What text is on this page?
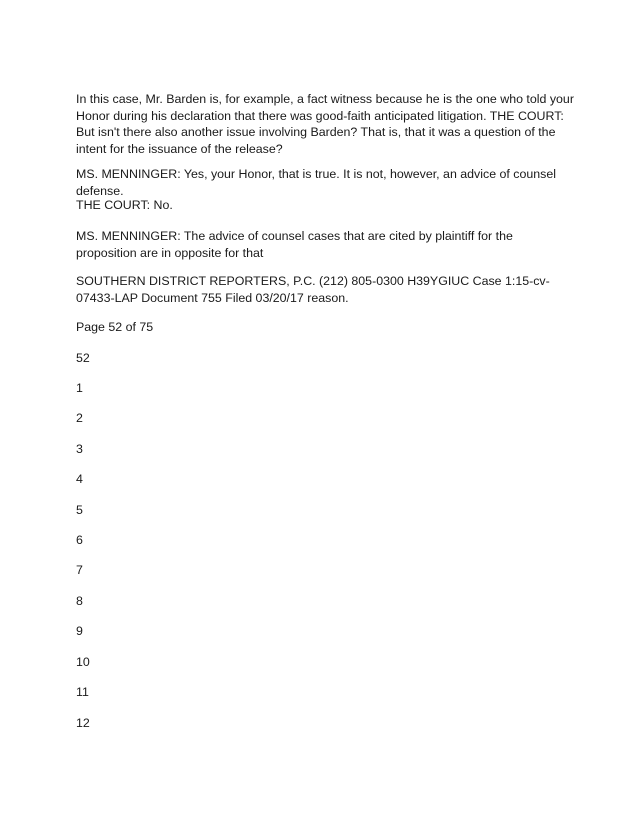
In this case, Mr. Barden is, for example, a fact witness because he is the one who told your Honor during his declaration that there was good-faith anticipated litigation. THE COURT: But isn't there also another issue involving Barden? That is, that it was a question of the intent for the issuance of the release?

MS. MENNINGER: Yes, your Honor, that is true. It is not, however, an advice of counsel defense.

THE COURT: No.

MS. MENNINGER: The advice of counsel cases that are cited by plaintiff for the proposition are in opposite for that

SOUTHERN DISTRICT REPORTERS, P.C. (212) 805-0300 H39YGIUC Case 1:15-cv-07433-LAP Document 755 Filed 03/20/17 reason.

Page 52 of 75

52

1

2

3

4

5

6

7

8

9

10

11

12
